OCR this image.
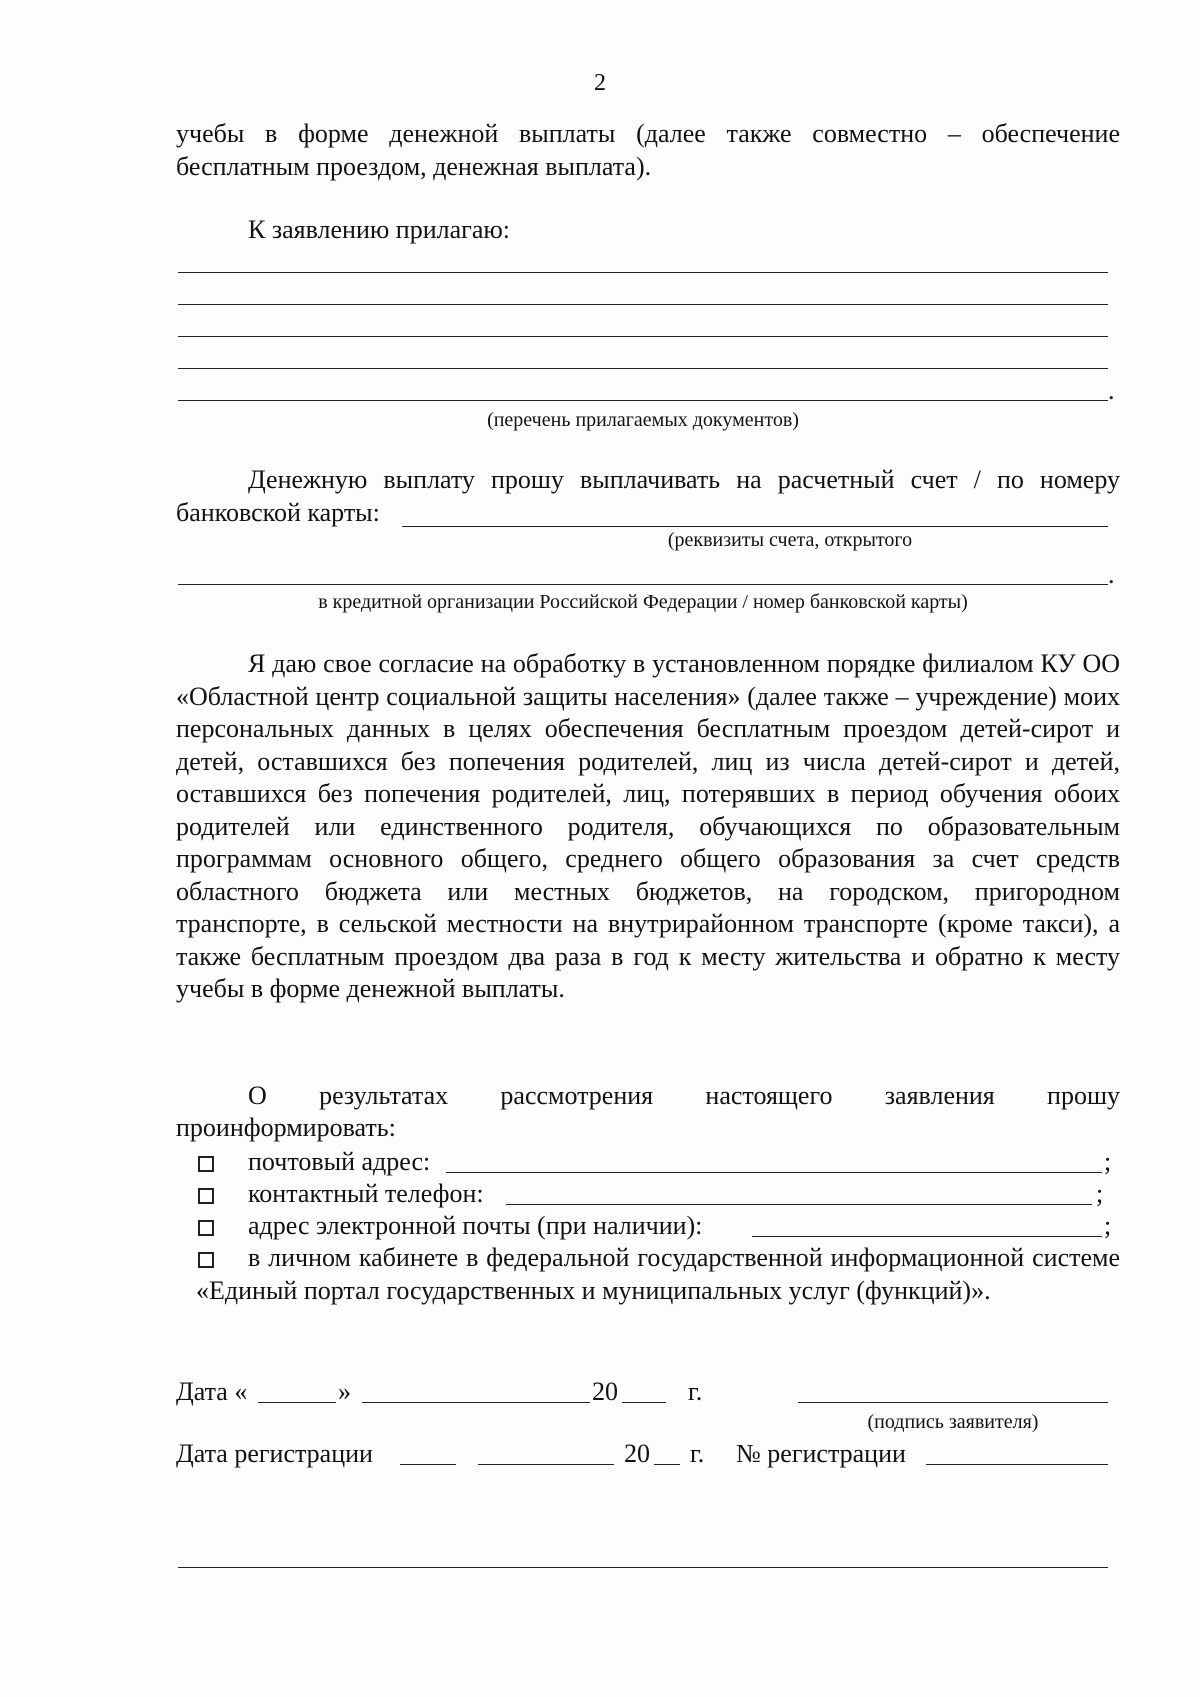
2
учебы в форме денежной выплаты (далее также совместно – обеспечение бесплатным проездом, денежная выплата).
К заявлению прилагаю:
.
(перечень прилагаемых документов)
Денежную выплату прошу выплачивать на расчетный счет / по номеру
банковской карты:
(реквизиты счета, открытого
.
в кредитной организации Российской Федерации / номер банковской карты)
Я даю свое согласие на обработку в установленном порядке филиалом КУ ОО «Областной центр социальной защиты населения» (далее также – учреждение) моих персональных данных в целях обеспечения бесплатным проездом детей-сирот и детей, оставшихся без попечения родителей, лиц из числа детей-сирот и детей, оставшихся без попечения родителей, лиц, потерявших в период обучения обоих родителей или единственного родителя, обучающихся по образовательным программам основного общего, среднего общего образования за счет средств областного бюджета или местных бюджетов, на городском, пригородном транспорте, в сельской местности на внутрирайонном транспорте (кроме такси), а также бесплатным проездом два раза в год к месту жительства и обратно к месту учебы в форме денежной выплаты.
О результатах рассмотрения настоящего заявления прошу
проинформировать:
почтовый адрес:	;
контактный телефон:	;
адрес электронной почты (при наличии):	;
в личном кабинете в федеральной государственной информационной системе «Единый портал государственных и муниципальных услуг (функций)».
Дата «	»	20	г.
(подпись заявителя)
Дата регистрации	20 г. № регистрации
